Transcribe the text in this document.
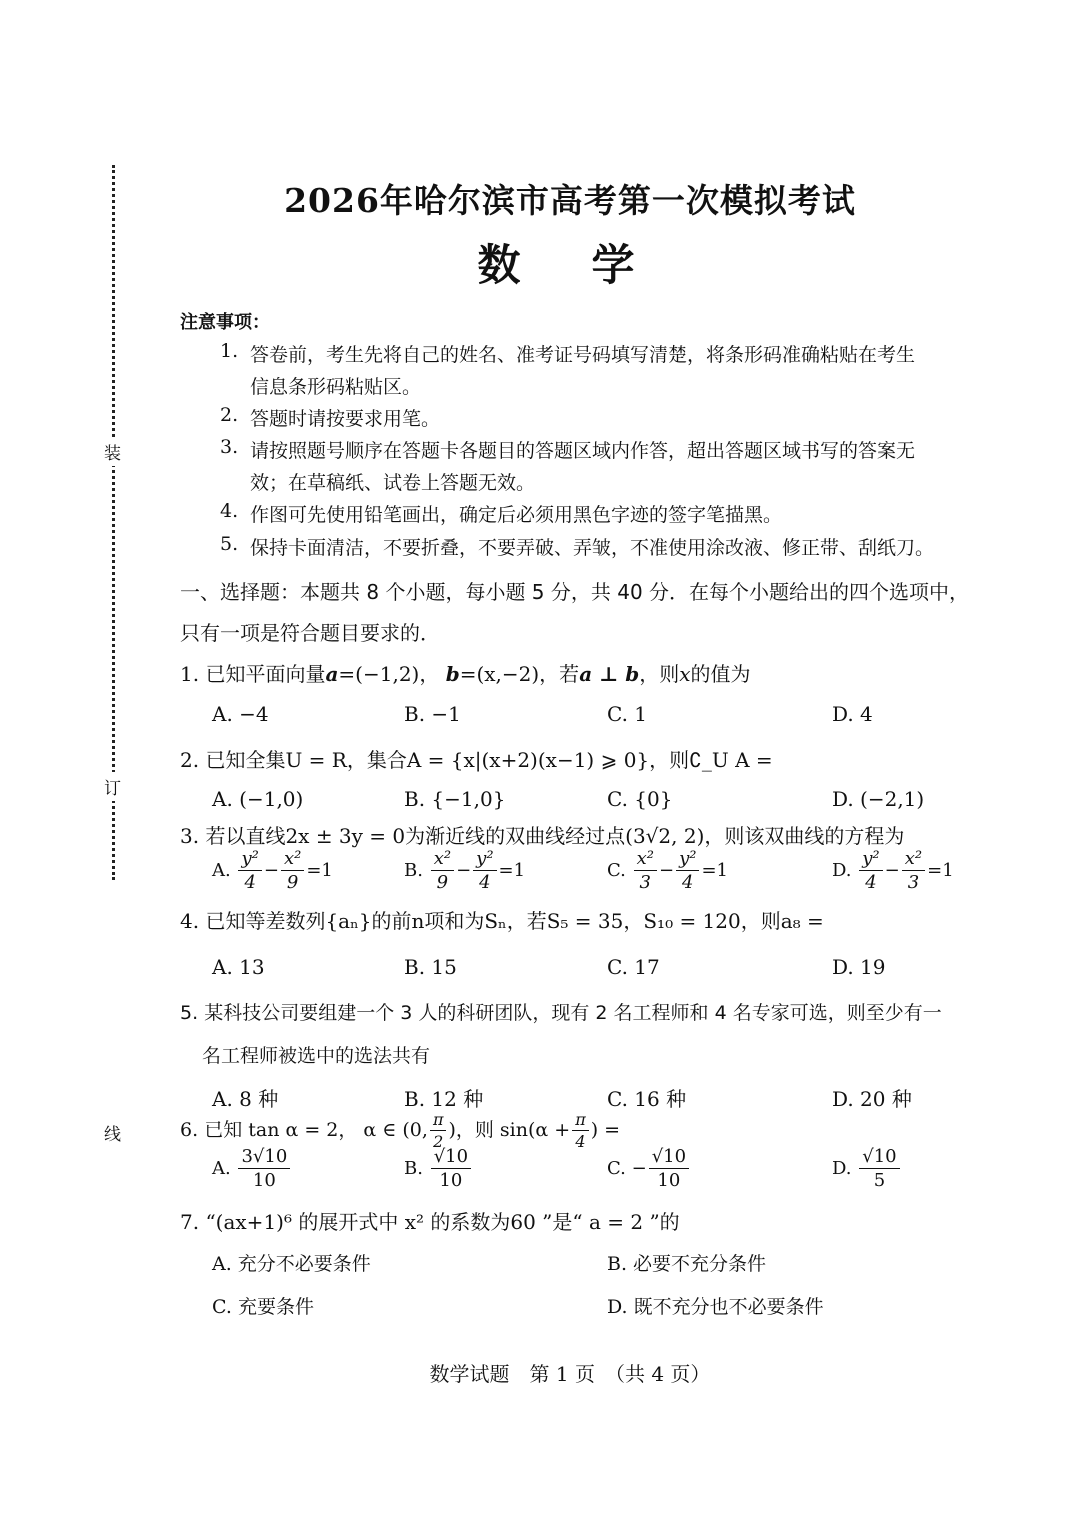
装
订
线
2026年哈尔滨市高考第一次模拟考试
数 学
注意事项：
1. 答卷前，考生先将自己的姓名、准考证号码填写清楚，将条形码准确粘贴在考生
信息条形码粘贴区。
2. 答题时请按要求用笔。
3. 请按照题号顺序在答题卡各题目的答题区域内作答，超出答题区域书写的答案无
效；在草稿纸、试卷上答题无效。
4. 作图可先使用铅笔画出，确定后必须用黑色字迹的签字笔描黑。
5. 保持卡面清洁，不要折叠，不要弄破、弄皱，不准使用涂改液、修正带、刮纸刀。
一、选择题：本题共 8 个小题，每小题 5 分，共 40 分．在每个小题给出的四个选项中，
只有一项是符合题目要求的．
1. 已知平面向量a=(−1,2)， b=(x,−2)，若a ⊥ b，则x的值为
A. −4	B. −1	C. 1	D. 4
2. 已知全集U = R，集合A = {x|(x+2)(x−1) ⩾ 0}，则∁_U A =
A. (−1,0)	B. {−1,0}	C. {0}	D. (−2,1)
3. 若以直线2x ± 3y = 0为渐近线的双曲线经过点(3√2, 2)，则该双曲线的方程为
A. $\frac{\text{y²}}{4} - \frac{\text{x²}}{9} =1$	B. $\frac{\text{x²}}{9} - \frac{\text{y²}}{4} =1$	C. $\frac{\text{x²}}{3} - \frac{\text{y²}}{4} =1$	D. $\frac{\text{y²}}{4} - \frac{\text{x²}}{3} =1$
4. 已知等差数列{aₙ}的前n项和为Sₙ，若S₅ = 35，S₁₀ = 120，则a₈ =
A. 13	B. 15	C. 17	D. 19
5. 某科技公司要组建一个 3 人的科研团队，现有 2 名工程师和 4 名专家可选，则至少有一
名工程师被选中的选法共有
A. 8 种	B. 12 种	C. 16 种	D. 20 种
6. 已知 tan α = 2， α ∈ (0, $\frac{\pi}{2}$ )，则 $\sin(\alpha + \frac{\pi}{4}$ ) =
A. $\frac{3√10}{10}$	B. $\frac{√10}{10}$	C. − $\frac{√10}{10}$	D. $\frac{√10}{5}$
7. “(ax+1)⁶ 的展开式中 x² 的系数为60 ”是“ a = 2 ”的
A. 充分不必要条件	B. 必要不充分条件
C. 充要条件	D. 既不充分也不必要条件
数学试题　第 1 页　（共 4 页）
